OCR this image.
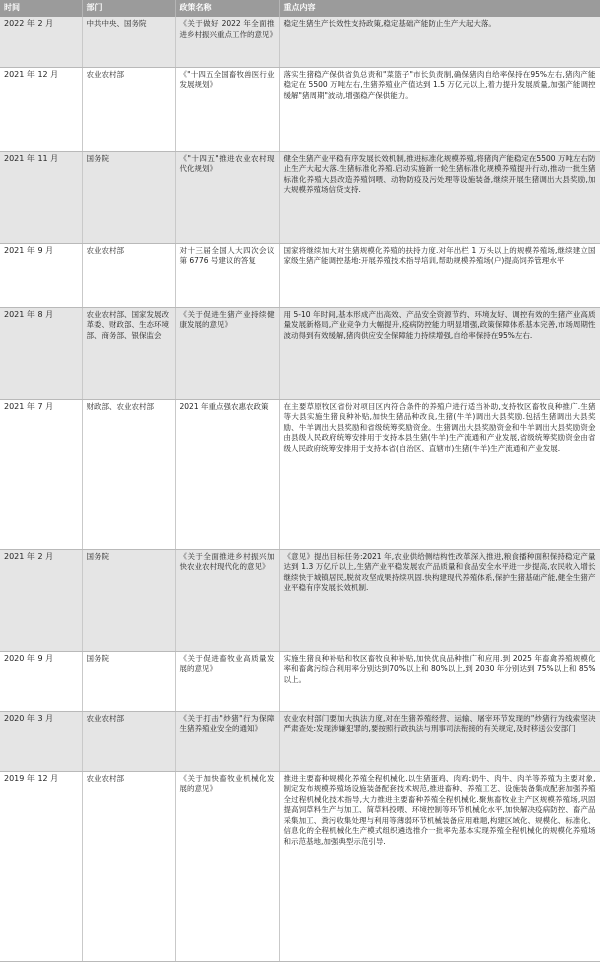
时间	部门	政策名称	重点内容
2022 年 2 月	中共中央、国务院	《关于做好 2022 年全面推进乡村振兴重点工作的意见》	稳定生猪生产长效性支持政策,稳定基础产能防止生产大起大落。
2021 年 12 月	农业农村部	《"十四五全国畜牧兽医行业发展规划》	落实生猪稳产保供省负总责和"菜篮子"市长负责制,确保猪肉自给率保持在95%左右,猪肉产能稳定在 5500 万吨左右,生猪养殖业产值达到 1.5 万亿元以上,着力提升发展质量,加强产能调控缓解"猪周期"波动,增强稳产保供能力。
2021 年 11 月	国务院	《"十四五"推进农业农村现代化规划》	健全生猪产业平稳有序发展长效机制,推进标准化规模养殖,将猪肉产能稳定在5500 万吨左右防止生产大起大落.生猪标准化养殖.启动实施新一轮生猪标准化规模养殖提升行动,推动一批生猪标准化养殖大县改造养殖饲喂、动物防疫及污处理等设施装备,继续开展生猪调出大县奖励,加大规模养殖场信贷支持.
2021 年 9 月	农业农村部	对十三届全国人大四次会议第 6776 号建议的答复	国家将继续加大对生猪规模化养殖的扶持力度.对年出栏 1 万头以上的规模养殖场,继续建立国家级生猪产能调控基地:开展养殖技术指导培训,帮助规模养殖场(户)提高饲养管理水平
2021 年 8 月	农业农村部、国家发展改革委、财政部、生态环境部、商务部、银保监会	《关于促进生猪产业持续健康发展的意见》	用 5-10 年时间,基本形成产出高效、产品安全资源节约、环境友好、调控有效的生猪产业高质量发展新格局,产业竞争力大幅提升,疫病防控能力明显增强,政策保障体系基本完善,市场周期性波动得到有效缓解,猪肉供应安全保障能力持续增强,自给率保持在95%左右.
2021 年 7 月	财政部、农业农村部	2021 年重点强农惠农政策	在主要草原牧区省份对项目区内符合条件的养殖户进行适当补助,支持牧区畜牧良种推广.生猪等大县实施生猪良种补贴,加快生猪品种改良,生猪(牛羊)调出大县奖励.包括生猪调出大县奖励、牛羊调出大县奖励和省级统筹奖励资金。生猪调出大县奖励资金和牛羊调出大县奖励资金由县级人民政府统筹安排用于支持本县生猪(牛羊)生产流通和产业发展,省级统筹奖励资金由省级人民政府统筹安排用于支持本省(自治区、直辖市)生猪(牛羊)生产流通和产业发展.
2021 年 2 月	国务院	《关于全面推进乡村振兴加快农业农村现代化的意见》	《意见》提出目标任务:2021 年,农业供给侧结构性改革深入推进,粮食播种面积保持稳定产量达到 1.3 万亿斤以上,生猪产业平稳发展农产品质量和食品安全水平进一步提高,农民收入增长继续快于城镇居民,脱贫攻坚成果持续巩固.快构建现代养殖体系,保护生猪基础产能,健全生猪产业平稳有序发展长效机制.
2020 年 9 月	国务院	《关于促进畜牧业高质量发展的意见》	实施生猪良种补贴和牧区畜牧良种补贴,加快优良品种推广和应用.到 2025 年畜禽养殖规模化率和畜禽污综合利用率分别达到70%以上和 80%以上,到 2030 年分别达到 75%以上和 85%以上。
2020 年 3 月	农业农村部	《关于打击"炒猪"行为保障生猪养殖业安全的通知》	农业农村部门要加大执法力度,对在生猪养殖经营、运输、屠宰环节发现的"炒猪行为线索坚决严肃查处:发现涉嫌犯罪的,要按照行政执法与刑事司法衔接的有关规定,及时移送公安部门
2019 年 12 月	农业农村部	《关于加快畜牧业机械化发展的意见》	推进主要畜种规模化养殖全程机械化.以生猪蛋鸡、肉鸡:奶牛、肉牛、肉羊等养殖为主要对象,制定发布规模养殖场设施装备配套技术规范,推进畜种、养殖工艺、设施装备集成配套加强养殖全过程机械化技术指导,大力推进主要畜种养殖全程机械化.聚焦畜牧业主产区规模养殖场,巩固提高饲草料生产与加工、简草料投喂、环境控制等环节机械化水平,加快解决疫病防控、畜产品采集加工、粪污收集处理与利用等薄弱环节机械装备应用难题,构建区域化、规模化、标准化、信息化的全程机械化生产模式组织遴选推介一批率先基本实现养殖全程机械化的规模化养殖场和示范基地,加强典型示范引导.
